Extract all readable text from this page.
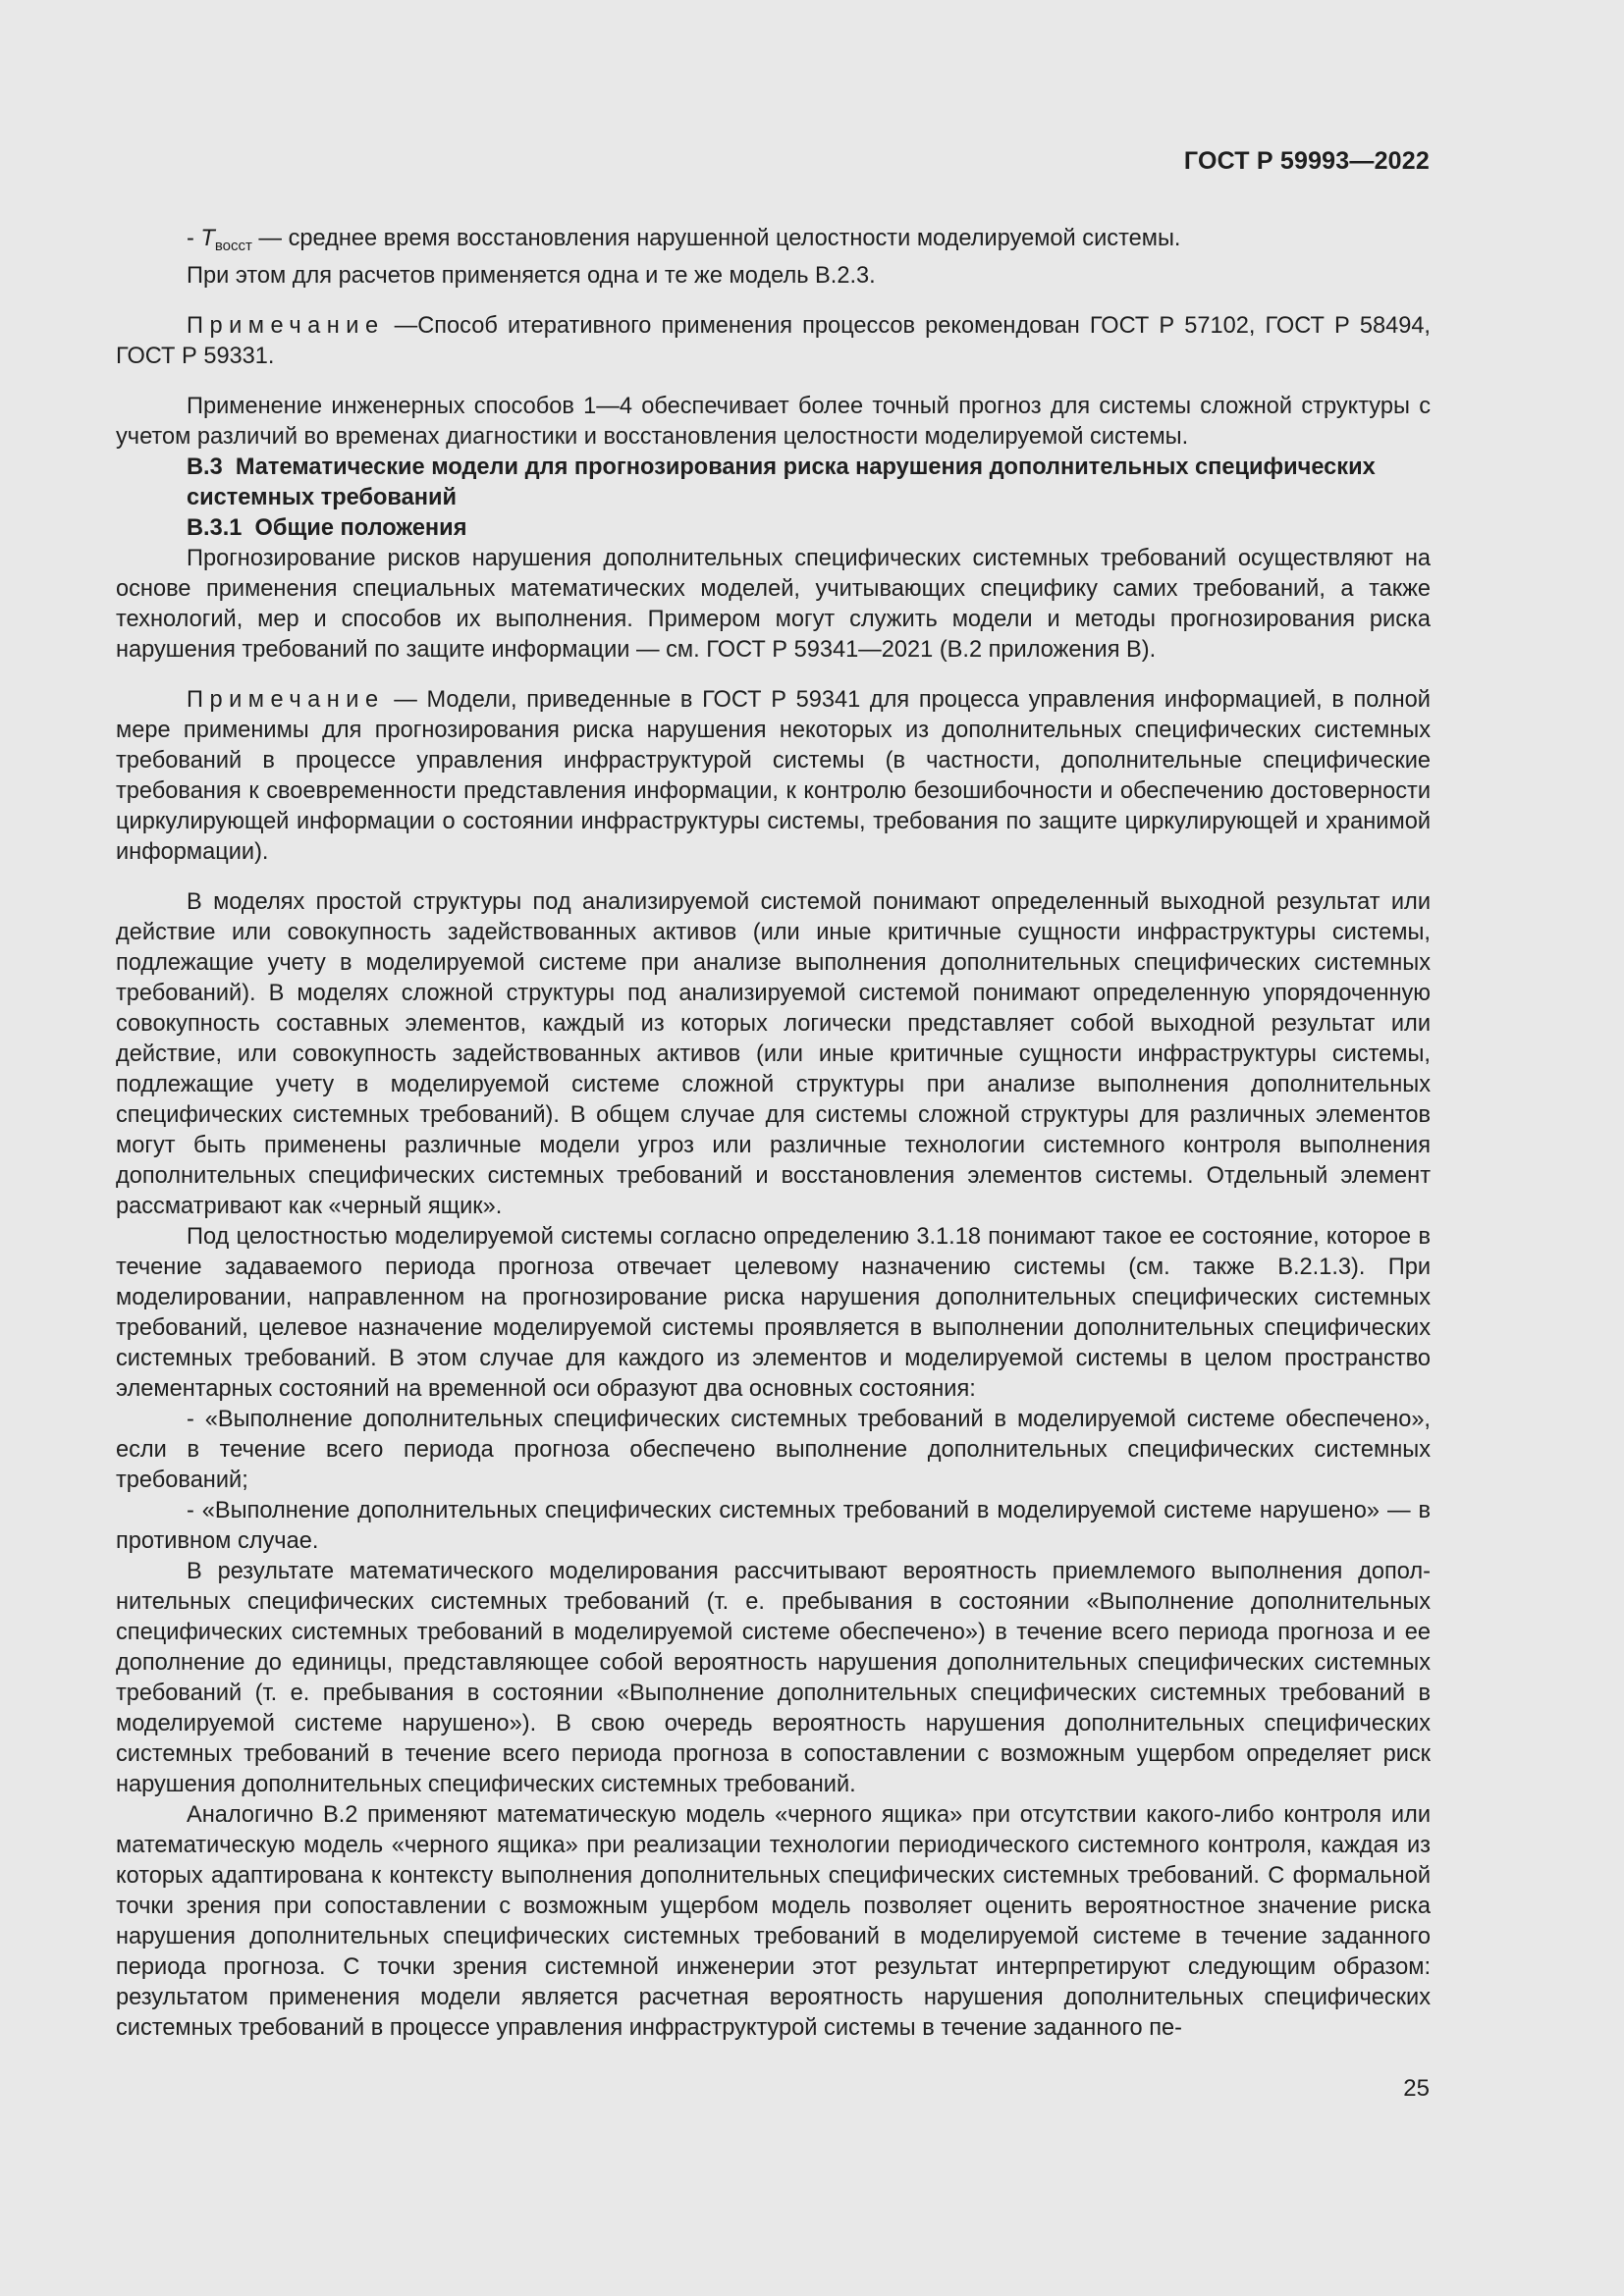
ГОСТ Р 59993—2022

- $T_{восст}$ — среднее время восстановления нарушенной целостности моделируемой системы.

При этом для расчетов применяется одна и те же модель В.2.3.

Примечание —Способ итеративного применения процессов рекомендован ГОСТ Р 57102, ГОСТ Р 58494, ГОСТ Р 59331.

Применение инженерных способов 1—4 обеспечивает более точный прогноз для системы сложной структуры с учетом различий во временах диагностики и восстановления целостности моделируемой системы.

В.3 Математические модели для прогнозирования риска нарушения дополнительных специфических системных требований
В.3.1 Общие положения

Прогнозирование рисков нарушения дополнительных специфических системных требований осуществляют на основе применения специальных математических моделей, учитывающих специфику самих требований, а также технологий, мер и способов их выполнения. Примером могут служить модели и методы прогнозирования риска нарушения требований по защите информации — см. ГОСТ Р 59341—2021 (В.2 приложения В).

Примечание — Модели, приведенные в ГОСТ Р 59341 для процесса управления информацией, в полной мере применимы для прогнозирования риска нарушения некоторых из дополнительных специфических системных требований в процессе управления инфраструктурой системы (в частности, дополнительные специфические требования к своевременности представления информации, к контролю безошибочности и обеспечению достоверности циркулирующей информации о состоянии инфраструктуры системы, требования по защите циркулирующей и хранимой информации).

В моделях простой структуры под анализируемой системой понимают определенный выходной результат или действие или совокупность задействованных активов (или иные критичные сущности инфраструктуры системы, подлежащие учету в моделируемой системе при анализе выполнения дополнительных специфических системных требований). В моделях сложной структуры под анализируемой системой понимают определенную упорядоченную совокупность составных элементов, каждый из которых логически представляет собой выходной результат или действие, или совокупность задействованных активов (или иные критичные сущности инфраструктуры системы, подлежащие учету в моделируемой системе сложной структуры при анализе выполнения дополнительных специфических системных требований). В общем случае для системы сложной структуры для различных элементов могут быть применены различные модели угроз или различные технологии системного контроля выполнения дополнительных специфических системных требований и восстановления элементов системы. Отдельный элемент рассматривают как «черный ящик».

Под целостностью моделируемой системы согласно определению 3.1.18 понимают такое ее состояние, которое в течение задаваемого периода прогноза отвечает целевому назначению системы (см. также В.2.1.3). При моделировании, направленном на прогнозирование риска нарушения дополнительных специфических системных требований, целевое назначение моделируемой системы проявляется в выполнении дополнительных специфических системных требований. В этом случае для каждого из элементов и моделируемой системы в целом пространство элементарных состояний на временной оси образуют два основных состояния:

- «Выполнение дополнительных специфических системных требований в моделируемой системе обеспечено», если в течение всего периода прогноза обеспечено выполнение дополнительных специфических системных требований;

- «Выполнение дополнительных специфических системных требований в моделируемой системе нарушено» — в противном случае.

В результате математического моделирования рассчитывают вероятность приемлемого выполнения дополнительных специфических системных требований (т. е. пребывания в состоянии «Выполнение дополнительных специфических системных требований в моделируемой системе обеспечено») в течение всего периода прогноза и ее дополнение до единицы, представляющее собой вероятность нарушения дополнительных специфических системных требований (т. е. пребывания в состоянии «Выполнение дополнительных специфических системных требований в моделируемой системе нарушено»). В свою очередь вероятность нарушения дополнительных специфических системных требований в течение всего периода прогноза в сопоставлении с возможным ущербом определяет риск нарушения дополнительных специфических системных требований.

Аналогично В.2 применяют математическую модель «черного ящика» при отсутствии какого-либо контроля или математическую модель «черного ящика» при реализации технологии периодического системного контроля, каждая из которых адаптирована к контексту выполнения дополнительных специфических системных требований. С формальной точки зрения при сопоставлении с возможным ущербом модель позволяет оценить вероятностное значение риска нарушения дополнительных специфических системных требований в моделируемой системе в течение заданного периода прогноза. С точки зрения системной инженерии этот результат интерпретируют следующим образом: результатом применения модели является расчетная вероятность нарушения дополнительных специфических системных требований в процессе управления инфраструктурой системы в течение заданного пе-

25
